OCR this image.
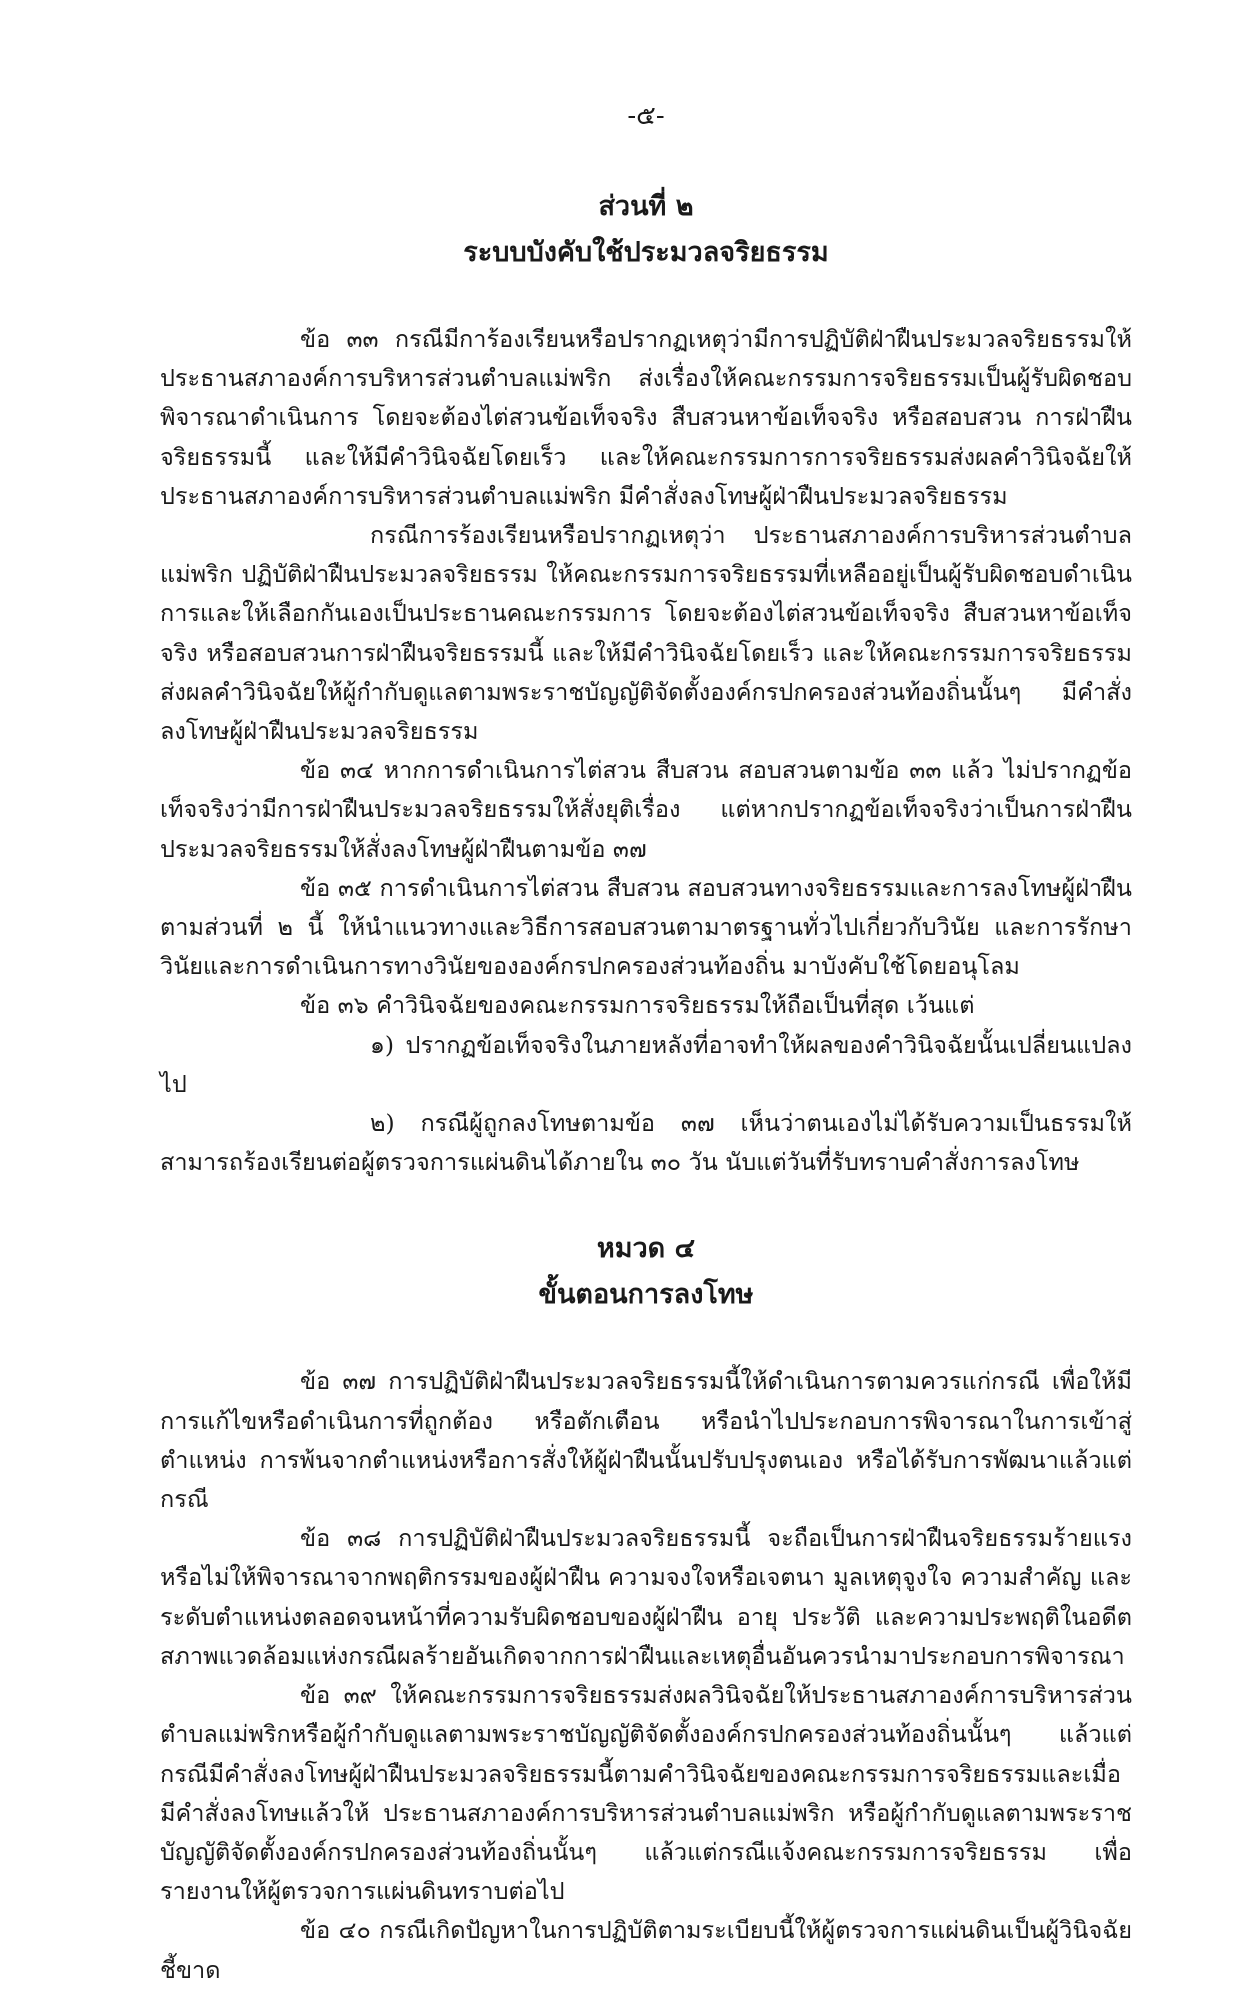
-๕-
ส่วนที่ ๒
ระบบบังคับใช้ประมวลจริยธรรม

ข้อ ๓๓ กรณีมีการ้องเรียนหรือปรากฏเหตุว่ามีการปฏิบัติฝ่าฝืนประมวลจริยธรรมให้ประธานสภาองค์การบริหารส่วนตำบลแม่พริก ส่งเรื่องให้คณะกรรมการจริยธรรมเป็นผู้รับผิดชอบพิจารณาดำเนินการ โดยจะต้องไต่สวนข้อเท็จจริง สืบสวนหาข้อเท็จจริง หรือสอบสวน การฝ่าฝืนจริยธรรมนี้ และให้มีคำวินิจฉัยโดยเร็ว และให้คณะกรรมการการจริยธรรมส่งผลคำวินิจฉัยให้ประธานสภาองค์การบริหารส่วนตำบลแม่พริก มีคำสั่งลงโทษผู้ฝ่าฝืนประมวลจริยธรรม

กรณีการร้องเรียนหรือปรากฏเหตุว่า ประธานสภาองค์การบริหารส่วนตำบลแม่พริก ปฏิบัติฝ่าฝืนประมวลจริยธรรม ให้คณะกรรมการจริยธรรมที่เหลืออยู่เป็นผู้รับผิดชอบดำเนินการและให้เลือกกันเองเป็นประธานคณะกรรมการ โดยจะต้องไต่สวนข้อเท็จจริง สืบสวนหาข้อเท็จจริง หรือสอบสวนการฝ่าฝืนจริยธรรมนี้ และให้มีคำวินิจฉัยโดยเร็ว และให้คณะกรรมการจริยธรรมส่งผลคำวินิจฉัยให้ผู้กำกับดูแลตามพระราชบัญญัติจัดตั้งองค์กรปกครองส่วนท้องถิ่นนั้นๆ มีคำสั่งลงโทษผู้ฝ่าฝืนประมวลจริยธรรม

ข้อ ๓๔ หากการดำเนินการไต่สวน สืบสวน สอบสวนตามข้อ ๓๓ แล้ว ไม่ปรากฏข้อเท็จจริงว่ามีการฝ่าฝืนประมวลจริยธรรมให้สั่งยุติเรื่อง แต่หากปรากฏข้อเท็จจริงว่าเป็นการฝ่าฝืนประมวลจริยธรรมให้สั่งลงโทษผู้ฝ่าฝืนตามข้อ ๓๗

ข้อ ๓๕ การดำเนินการไต่สวน สืบสวน สอบสวนทางจริยธรรมและการลงโทษผู้ฝ่าฝืนตามส่วนที่ ๒ นี้ ให้นำแนวทางและวิธีการสอบสวนตามาตรฐานทั่วไปเกี่ยวกับวินัย และการรักษาวินัยและการดำเนินการทางวินัยขององค์กรปกครองส่วนท้องถิ่น มาบังคับใช้โดยอนุโลม

ข้อ ๓๖ คำวินิจฉัยของคณะกรรมการจริยธรรมให้ถือเป็นที่สุด เว้นแต่

๑) ปรากฏข้อเท็จจริงในภายหลังที่อาจทำให้ผลของคำวินิจฉัยนั้นเปลี่ยนแปลงไป

๒) กรณีผู้ถูกลงโทษตามข้อ ๓๗ เห็นว่าตนเองไม่ได้รับความเป็นธรรมให้สามารถร้องเรียนต่อผู้ตรวจการแผ่นดินได้ภายใน ๓๐ วัน นับแต่วันที่รับทราบคำสั่งการลงโทษ

หมวด ๔
ขั้นตอนการลงโทษ

ข้อ ๓๗ การปฏิบัติฝ่าฝืนประมวลจริยธรรมนี้ให้ดำเนินการตามควรแก่กรณี เพื่อให้มีการแก้ไขหรือดำเนินการที่ถูกต้อง หรือตักเตือน หรือนำไปประกอบการพิจารณาในการเข้าสู่ตำแหน่ง การพ้นจากตำแหน่งหรือการสั่งให้ผู้ฝ่าฝืนนั้นปรับปรุงตนเอง หรือได้รับการพัฒนาแล้วแต่กรณี

ข้อ ๓๘ การปฏิบัติฝ่าฝืนประมวลจริยธรรมนี้ จะถือเป็นการฝ่าฝืนจริยธรรมร้ายแรงหรือไม่ให้พิจารณาจากพฤติกรรมของผู้ฝ่าฝืน ความจงใจหรือเจตนา มูลเหตุจูงใจ ความสำคัญ และระดับตำแหน่งตลอดจนหน้าที่ความรับผิดชอบของผู้ฝ่าฝืน อายุ ประวัติ และความประพฤติในอดีต สภาพแวดล้อมแห่งกรณีผลร้ายอันเกิดจากการฝ่าฝืนและเหตุอื่นอันควรนำมาประกอบการพิจารณา

ข้อ ๓๙ ให้คณะกรรมการจริยธรรมส่งผลวินิจฉัยให้ประธานสภาองค์การบริหารส่วนตำบลแม่พริกหรือผู้กำกับดูแลตามพระราชบัญญัติจัดตั้งองค์กรปกครองส่วนท้องถิ่นนั้นๆ แล้วแต่กรณีมีคำสั่งลงโทษผู้ฝ่าฝืนประมวลจริยธรรมนี้ตามคำวินิจฉัยของคณะกรรมการจริยธรรมและเมื่อมีคำสั่งลงโทษแล้วให้ ประธานสภาองค์การบริหารส่วนตำบลแม่พริก หรือผู้กำกับดูแลตามพระราชบัญญัติจัดตั้งองค์กรปกครองส่วนท้องถิ่นนั้นๆ แล้วแต่กรณีแจ้งคณะกรรมการจริยธรรม เพื่อรายงานให้ผู้ตรวจการแผ่นดินทราบต่อไป

ข้อ ๔๐ กรณีเกิดปัญหาในการปฏิบัติตามระเบียบนี้ให้ผู้ตรวจการแผ่นดินเป็นผู้วินิจฉัยชี้ขาด
